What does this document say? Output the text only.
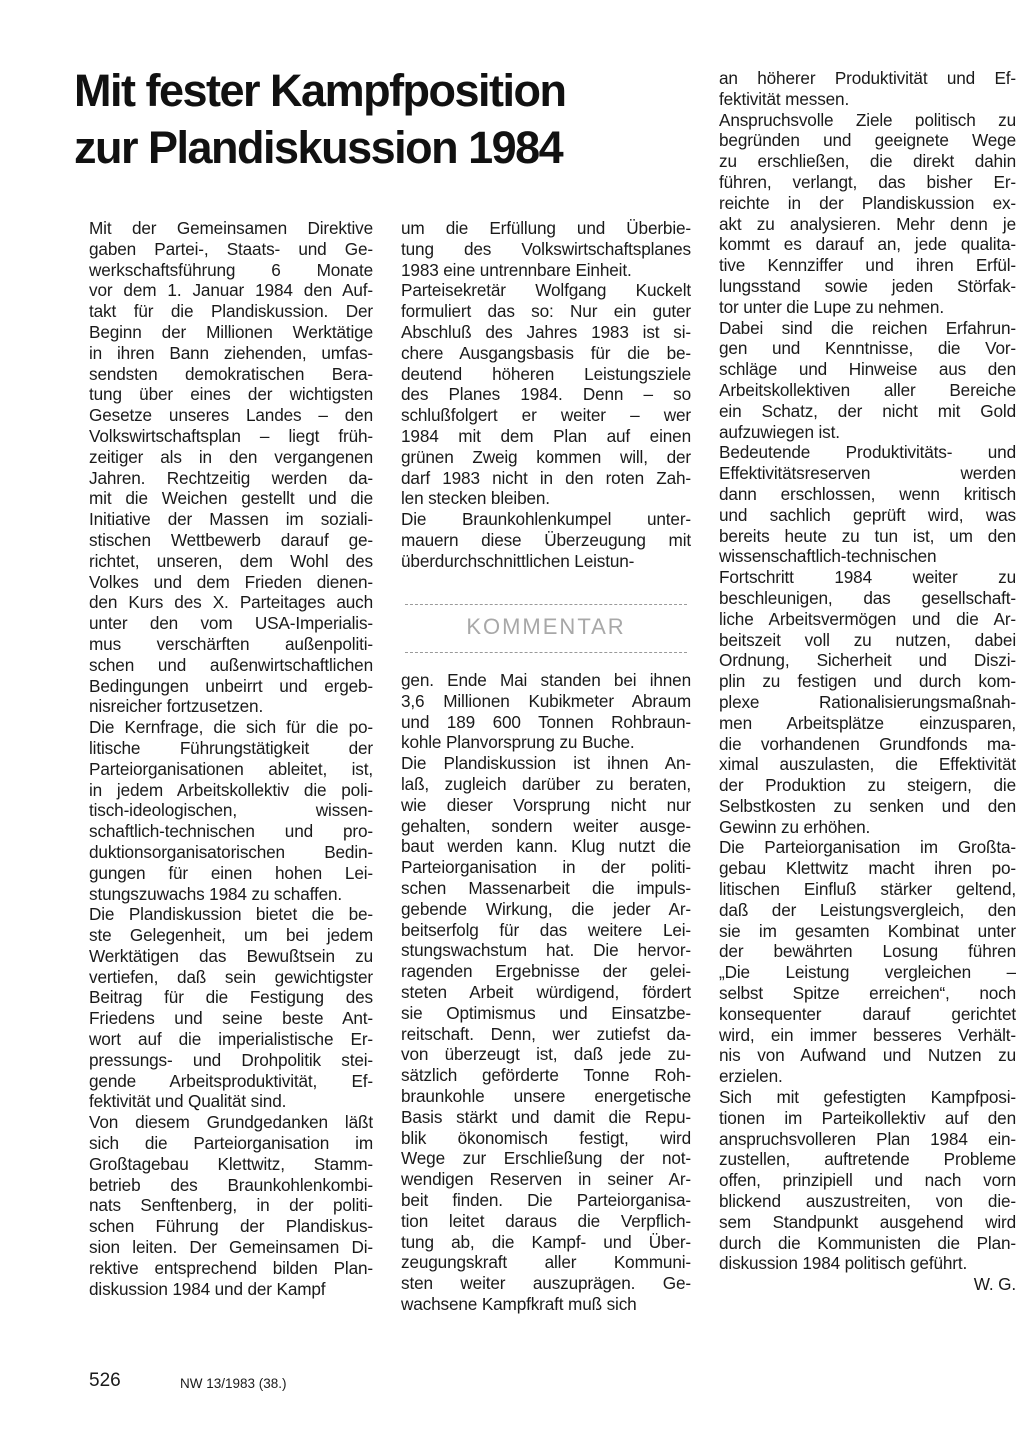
Mit fester Kampfposition
zur Plandiskussion 1984
Mit der Gemeinsamen Direktive
gaben Partei-, Staats- und Ge-
werkschaftsführung 6 Monate
vor dem 1. Januar 1984 den Auf-
takt für die Plandiskussion. Der
Beginn der Millionen Werktätige
in ihren Bann ziehenden, umfas-
sendsten demokratischen Bera-
tung über eines der wichtigsten
Gesetze unseres Landes – den
Volkswirtschaftsplan – liegt früh-
zeitiger als in den vergangenen
Jahren. Rechtzeitig werden da-
mit die Weichen gestellt und die
Initiative der Massen im soziali-
stischen Wettbewerb darauf ge-
richtet, unseren, dem Wohl des
Volkes und dem Frieden dienen-
den Kurs des X. Parteitages auch
unter den vom USA-Imperialis-
mus verschärften außenpoliti-
schen und außenwirtschaftlichen
Bedingungen unbeirrt und ergeb-
nisreicher fortzusetzen.
Die Kernfrage, die sich für die po-
litische Führungstätigkeit der
Parteiorganisationen ableitet, ist,
in jedem Arbeitskollektiv die poli-
tisch-ideologischen, wissen-
schaftlich-technischen und pro-
duktionsorganisatorischen Bedin-
gungen für einen hohen Lei-
stungszuwachs 1984 zu schaffen.
Die Plandiskussion bietet die be-
ste Gelegenheit, um bei jedem
Werktätigen das Bewußtsein zu
vertiefen, daß sein gewichtigster
Beitrag für die Festigung des
Friedens und seine beste Ant-
wort auf die imperialistische Er-
pressungs- und Drohpolitik stei-
gende Arbeitsproduktivität, Ef-
fektivität und Qualität sind.
Von diesem Grundgedanken läßt
sich die Parteiorganisation im
Großtagebau Klettwitz, Stamm-
betrieb des Braunkohlenkombi-
nats Senftenberg, in der politi-
schen Führung der Plandiskus-
sion leiten. Der Gemeinsamen Di-
rektive entsprechend bilden Plan-
diskussion 1984 und der Kampf
um die Erfüllung und Überbie-
tung des Volkswirtschaftsplanes
1983 eine untrennbare Einheit.
Parteisekretär Wolfgang Kuckelt
formuliert das so: Nur ein guter
Abschluß des Jahres 1983 ist si-
chere Ausgangsbasis für die be-
deutend höheren Leistungsziele
des Planes 1984. Denn – so
schlußfolgert er weiter – wer
1984 mit dem Plan auf einen
grünen Zweig kommen will, der
darf 1983 nicht in den roten Zah-
len stecken bleiben.
Die Braunkohlenkumpel unter-
mauern diese Überzeugung mit
überdurchschnittlichen Leistun-
KOMMENTAR
gen. Ende Mai standen bei ihnen
3,6 Millionen Kubikmeter Abraum
und 189 600 Tonnen Rohbraun-
kohle Planvorsprung zu Buche.
Die Plandiskussion ist ihnen An-
laß, zugleich darüber zu beraten,
wie dieser Vorsprung nicht nur
gehalten, sondern weiter ausge-
baut werden kann. Klug nutzt die
Parteiorganisation in der politi-
schen Massenarbeit die impuls-
gebende Wirkung, die jeder Ar-
beitserfolg für das weitere Lei-
stungswachstum hat. Die hervor-
ragenden Ergebnisse der gelei-
steten Arbeit würdigend, fördert
sie Optimismus und Einsatzbe-
reitschaft. Denn, wer zutiefst da-
von überzeugt ist, daß jede zu-
sätzlich geförderte Tonne Roh-
braunkohle unsere energetische
Basis stärkt und damit die Repu-
blik ökonomisch festigt, wird
Wege zur Erschließung der not-
wendigen Reserven in seiner Ar-
beit finden. Die Parteiorganisa-
tion leitet daraus die Verpflich-
tung ab, die Kampf- und Über-
zeugungskraft aller Kommuni-
sten weiter auszuprägen. Ge-
wachsene Kampfkraft muß sich
an höherer Produktivität und Ef-
fektivität messen.
Anspruchsvolle Ziele politisch zu
begründen und geeignete Wege
zu erschließen, die direkt dahin
führen, verlangt, das bisher Er-
reichte in der Plandiskussion ex-
akt zu analysieren. Mehr denn je
kommt es darauf an, jede qualita-
tive Kennziffer und ihren Erfül-
lungsstand sowie jeden Störfak-
tor unter die Lupe zu nehmen.
Dabei sind die reichen Erfahrun-
gen und Kenntnisse, die Vor-
schläge und Hinweise aus den
Arbeitskollektiven aller Bereiche
ein Schatz, der nicht mit Gold
aufzuwiegen ist.
Bedeutende Produktivitäts- und
Effektivitätsreserven werden
dann erschlossen, wenn kritisch
und sachlich geprüft wird, was
bereits heute zu tun ist, um den
wissenschaftlich-technischen
Fortschritt 1984 weiter zu
beschleunigen, das gesellschaft-
liche Arbeitsvermögen und die Ar-
beitszeit voll zu nutzen, dabei
Ordnung, Sicherheit und Diszi-
plin zu festigen und durch kom-
plexe Rationalisierungsmaßnah-
men Arbeitsplätze einzusparen,
die vorhandenen Grundfonds ma-
ximal auszulasten, die Effektivität
der Produktion zu steigern, die
Selbstkosten zu senken und den
Gewinn zu erhöhen.
Die Parteiorganisation im Großta-
gebau Klettwitz macht ihren po-
litischen Einfluß stärker geltend,
daß der Leistungsvergleich, den
sie im gesamten Kombinat unter
der bewährten Losung führen
„Die Leistung vergleichen –
selbst Spitze erreichen“, noch
konsequenter darauf gerichtet
wird, ein immer besseres Verhält-
nis von Aufwand und Nutzen zu
erzielen.
Sich mit gefestigten Kampfposi-
tionen im Parteikollektiv auf den
anspruchsvolleren Plan 1984 ein-
zustellen, auftretende Probleme
offen, prinzipiell und nach vorn
blickend auszustreiten, von die-
sem Standpunkt ausgehend wird
durch die Kommunisten die Plan-
diskussion 1984 politisch geführt.
W. G.
526	NW 13/1983 (38.)
